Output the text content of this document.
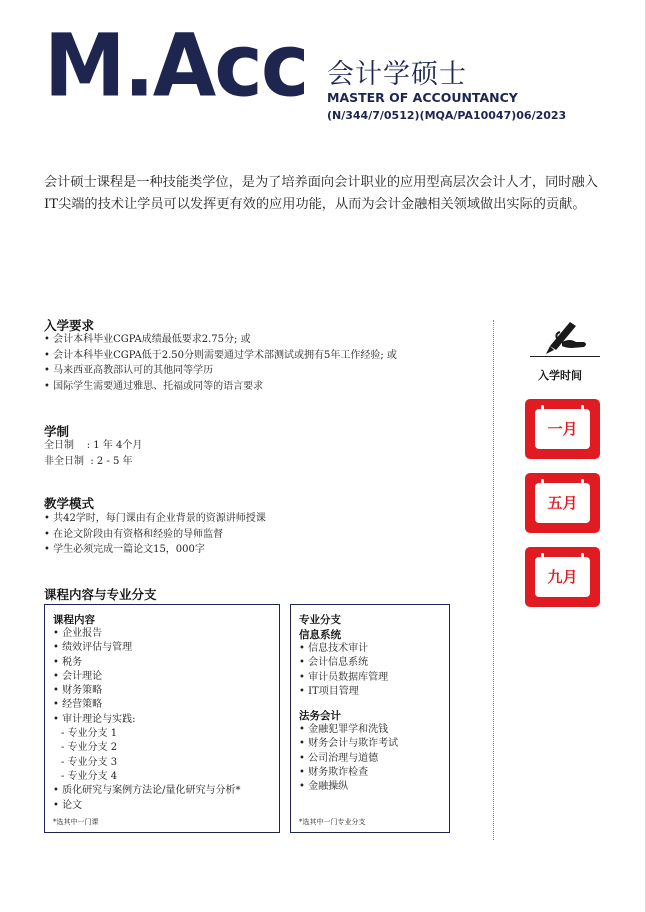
M.Acc 会计学硕士
MASTER OF ACCOUNTANCY
(N/344/7/0512)(MQA/PA10047)06/2023

会计硕士课程是一种技能类学位，是为了培养面向会计职业的应用型高层次会计人才，同时融入IT尖端的技术让学员可以发挥更有效的应用功能，从而为会计金融相关领域做出实际的贡献。

入学要求
• 会计本科毕业CGPA成绩最低要求2.75分; 或
• 会计本科毕业CGPA低于2.50分则需要通过学术部测试或拥有5年工作经验; 或
• 马来西亚高教部认可的其他同等学历
• 国际学生需要通过雅思、托福或同等的语言要求
学制
全日制    : 1 年 4个月
非全日制  : 2 - 5 年
教学模式
• 共42学时，每门课由有企业背景的资源讲师授课
• 在论文阶段由有资格和经验的导师监督
• 学生必须完成一篇论文15，000字
课程内容与专业分支
课程内容
• 企业报告
• 绩效评估与管理
• 税务
• 会计理论
• 财务策略
• 经营策略
• 审计理论与实践:
- 专业分支 1
- 专业分支 2
- 专业分支 3
- 专业分支 4
• 质化研究与案例方法论/量化研究与分析*
• 论文
*选其中一门课
专业分支
信息系统
• 信息技术审计
• 会计信息系统
• 审计员数据库管理
• IT项目管理
法务会计
• 金融犯罪学和洗钱
• 财务会计与欺诈考试
• 公司治理与道德
• 财务欺诈检查
• 金融操纵
*选其中一门专业分支
入学时间
一月
五月
九月
